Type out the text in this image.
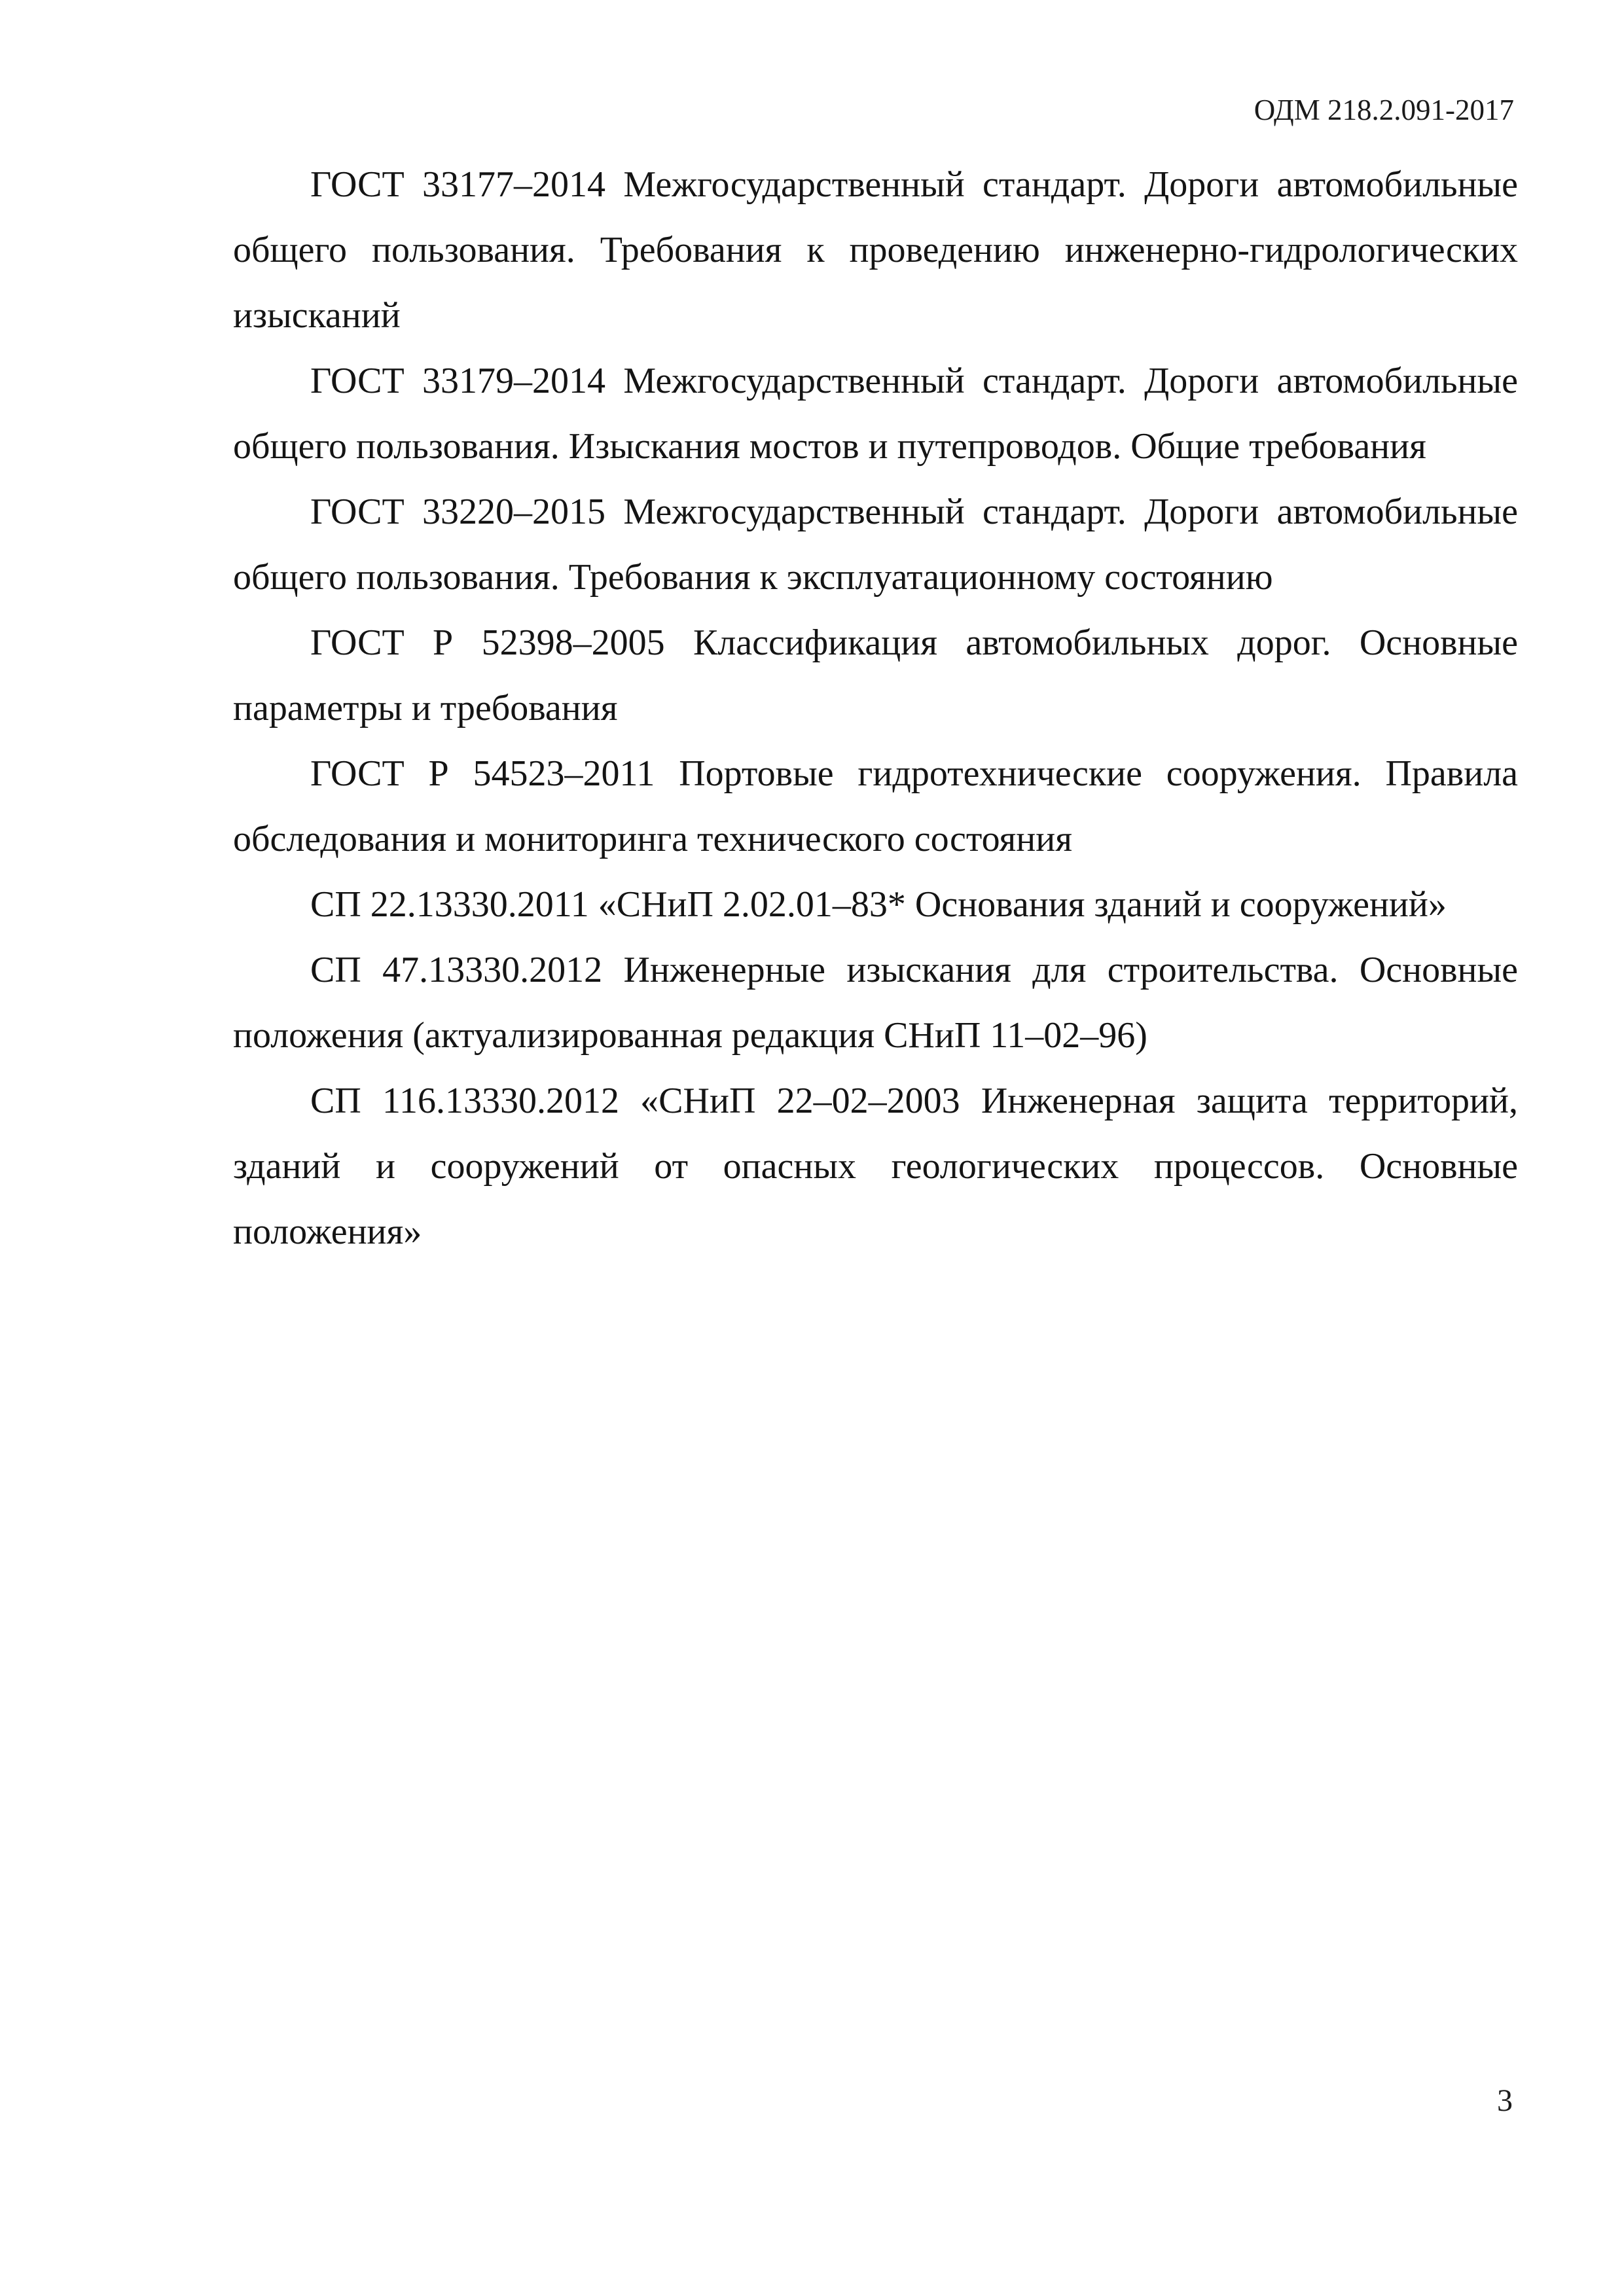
ОДМ 218.2.091-2017

ГОСТ 33177–2014 Межгосударственный стандарт. Дороги автомобильные общего пользования. Требования к проведению инженерно-гидрологических изысканий

ГОСТ 33179–2014 Межгосударственный стандарт. Дороги автомобильные общего пользования. Изыскания мостов и путепроводов. Общие требования

ГОСТ 33220–2015 Межгосударственный стандарт. Дороги автомобильные общего пользования. Требования к эксплуатационному состоянию

ГОСТ Р 52398–2005 Классификация автомобильных дорог. Основные параметры и требования

ГОСТ Р 54523–2011 Портовые гидротехнические сооружения. Правила обследования и мониторинга технического состояния

СП 22.13330.2011 «СНиП 2.02.01–83* Основания зданий и сооружений»

СП 47.13330.2012 Инженерные изыскания для строительства. Основные положения (актуализированная редакция СНиП 11–02–96)

СП 116.13330.2012 «СНиП 22–02–2003 Инженерная защита территорий, зданий и сооружений от опасных геологических процессов. Основные положения»

3
